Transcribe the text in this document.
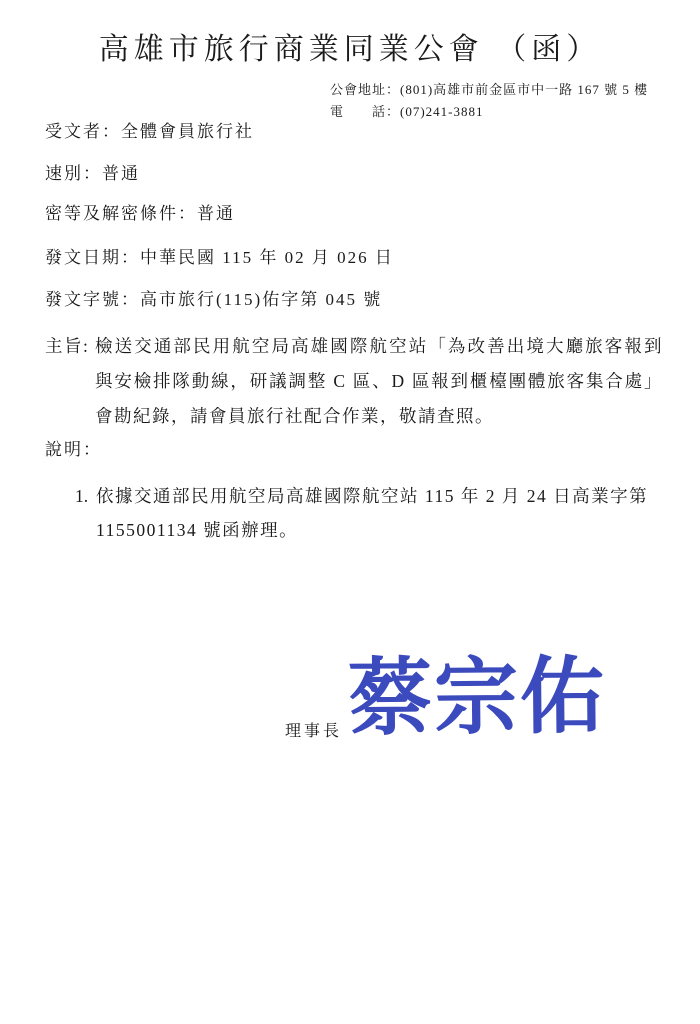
高雄市旅行商業同業公會 （函）
公會地址：(801)高雄市前金區市中一路 167 號 5 樓
電　　話：(07)241-3881
受文者：全體會員旅行社
速別：普通
密等及解密條件：普通
發文日期：中華民國 115 年 02 月 026 日
發文字號：高市旅行(115)佑字第 045 號
主旨: 檢送交通部民用航空局高雄國際航空站「為改善出境大廳旅客報到與安檢排隊動線，研議調整 C 區、D 區報到櫃檯團體旅客集合處」會勘紀錄，請會員旅行社配合作業，敬請查照。
說明：
1. 依據交通部民用航空局高雄國際航空站 115 年 2 月 24 日高業字第 1155001134 號函辦理。
理事長 蔡宗佑
